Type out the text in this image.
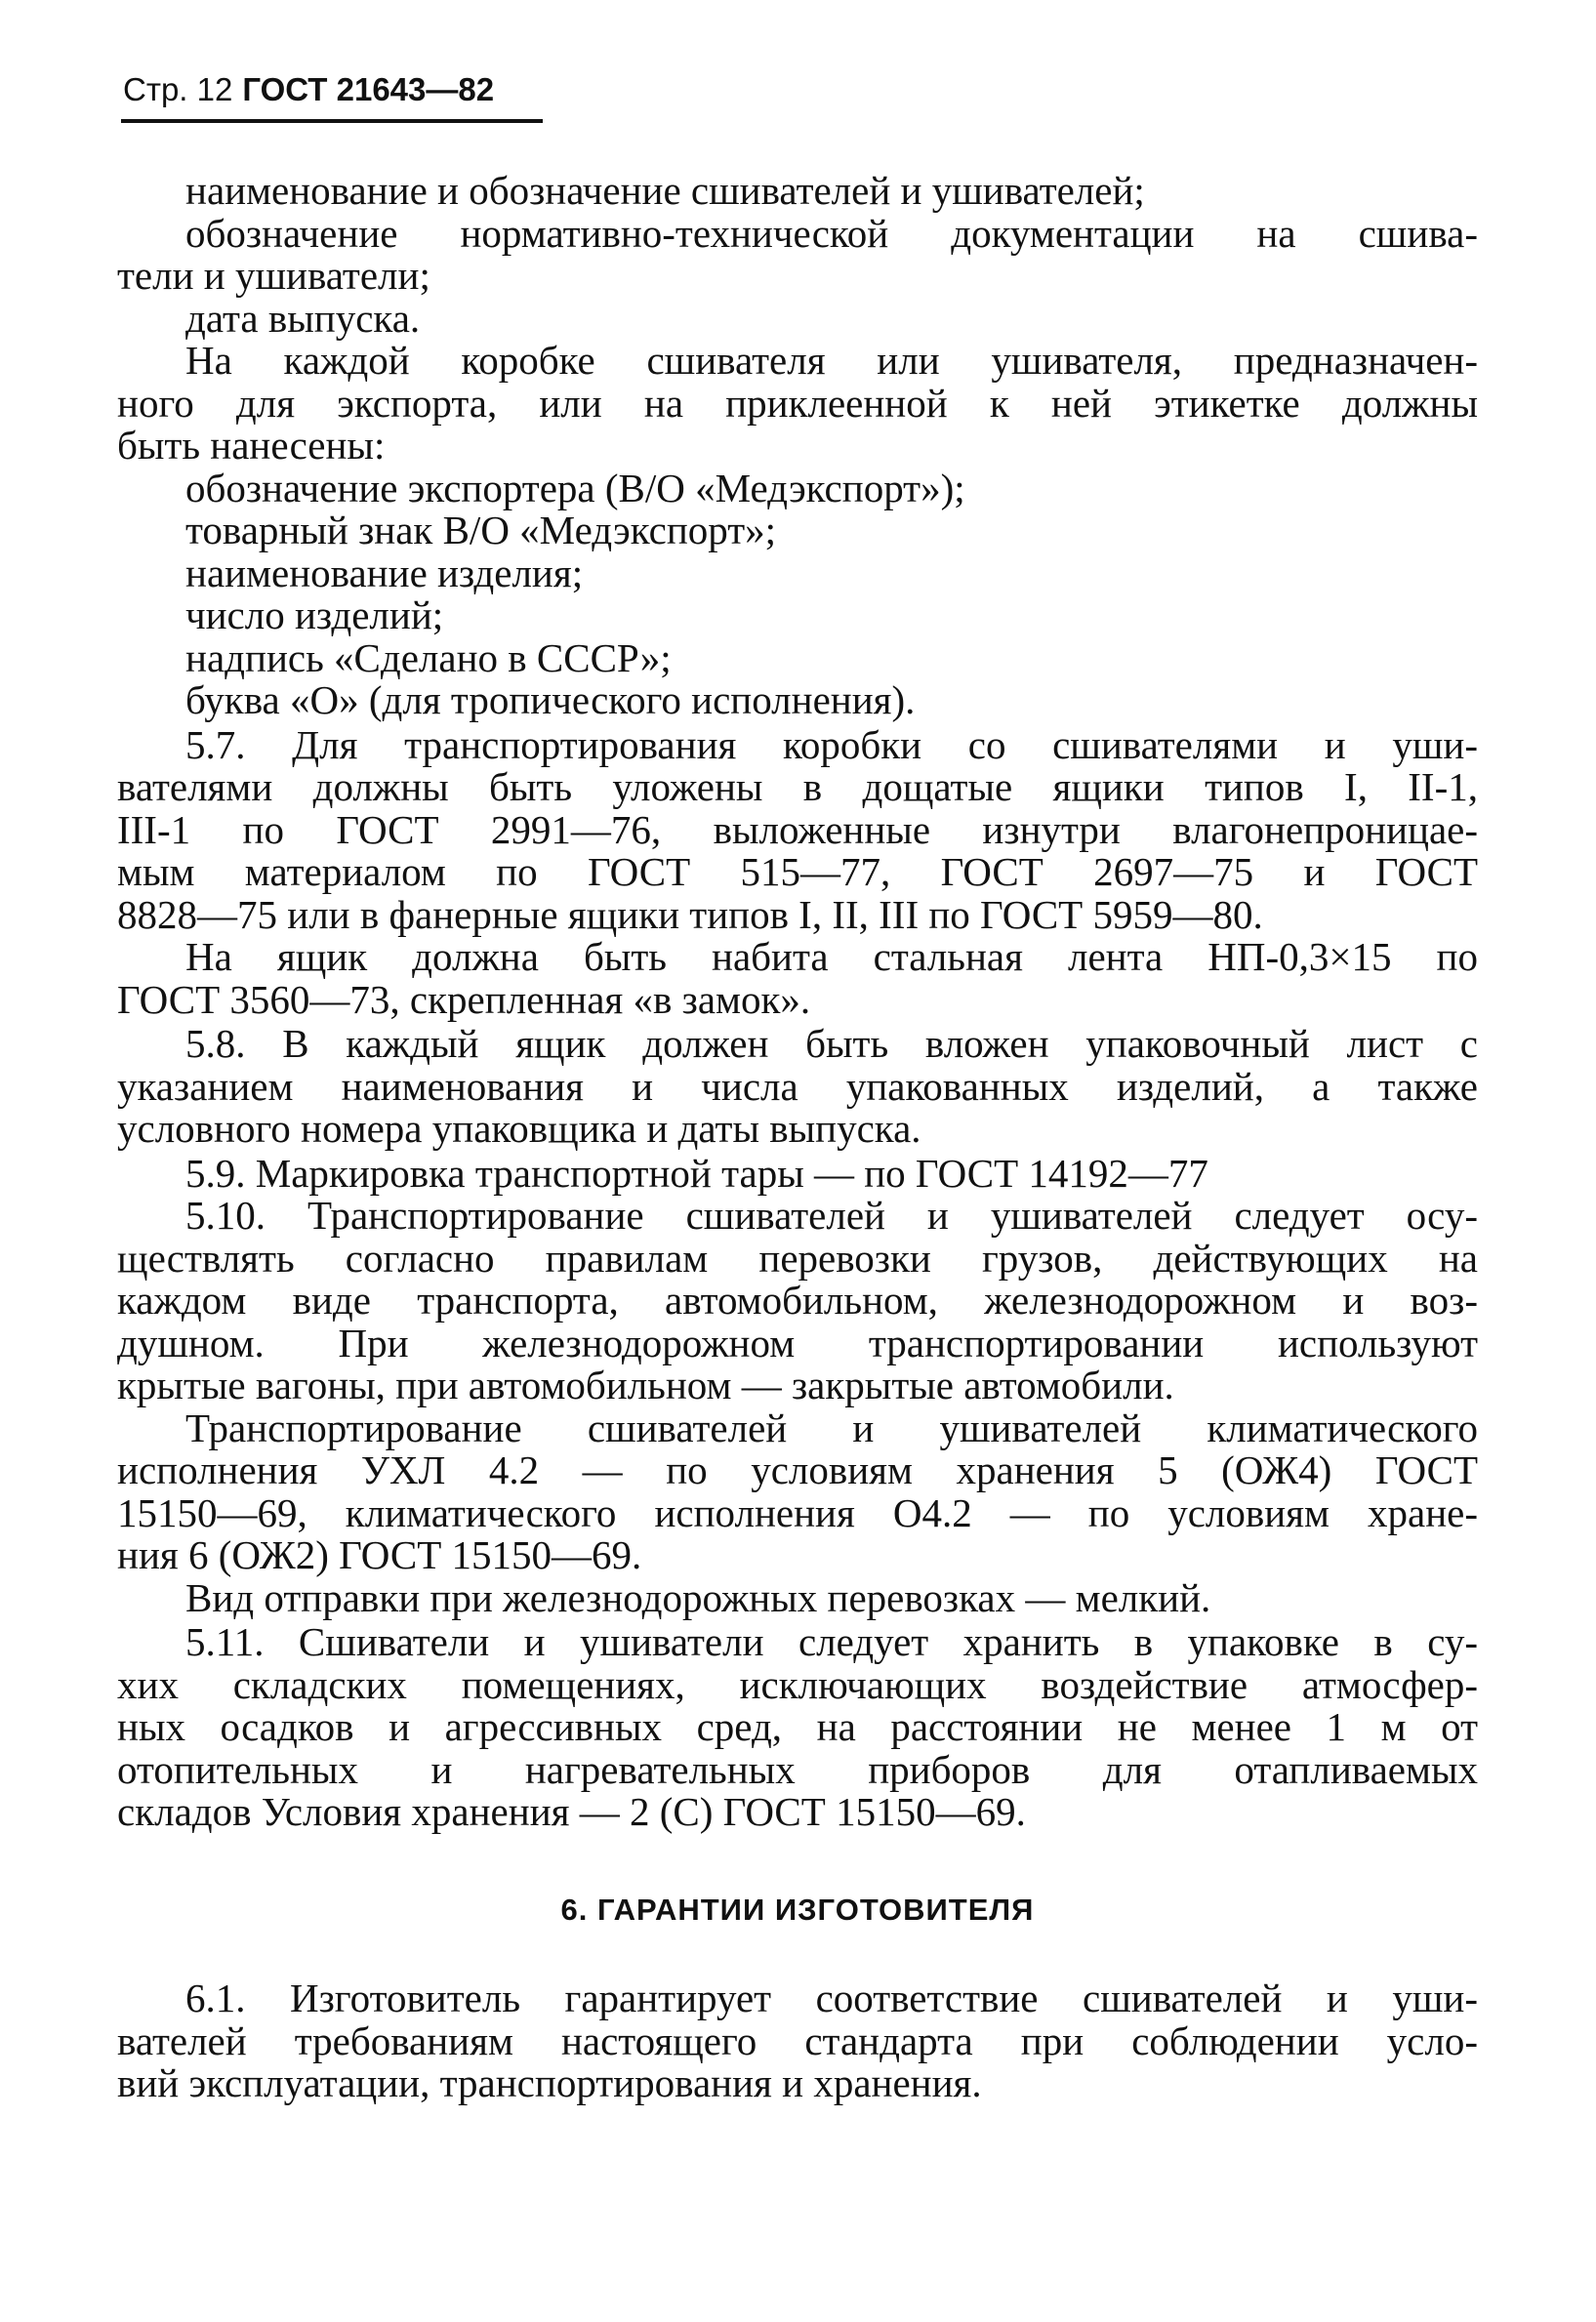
Стр. 12 ГОСТ 21643—82
наименование и обозначение сшивателей и ушивателей;
обозначение нормативно-технической документации на сшива-
тели и ушиватели;
дата выпуска.
На каждой коробке сшивателя или ушивателя, предназначен-
ного для экспорта, или на приклеенной к ней этикетке должны
быть нанесены:
обозначение экспортера (В/О «Медэкспорт»);
товарный знак В/О «Медэкспорт»;
наименование изделия;
число изделий;
надпись «Сделано в СССР»;
буква «О» (для тропического исполнения).
5.7. Для транспортирования коробки со сшивателями и уши-
вателями должны быть уложены в дощатые ящики типов I, II-1,
III-1 по ГОСТ 2991—76, выложенные изнутри влагонепроницае-
мым материалом по ГОСТ 515—77, ГОСТ 2697—75 и ГОСТ
8828—75 или в фанерные ящики типов I, II, III по ГОСТ 5959—80.
На ящик должна быть набита стальная лента НП-0,3×15 по
ГОСТ 3560—73, скрепленная «в замок».
5.8. В каждый ящик должен быть вложен упаковочный лист с
указанием наименования и числа упакованных изделий, а также
условного номера упаковщика и даты выпуска.
5.9. Маркировка транспортной тары — по ГОСТ 14192—77
5.10. Транспортирование сшивателей и ушивателей следует осу-
ществлять согласно правилам перевозки грузов, действующих на
каждом виде транспорта, автомобильном, железнодорожном и воз-
душном. При железнодорожном транспортировании используют
крытые вагоны, при автомобильном — закрытые автомобили.
Транспортирование сшивателей и ушивателей климатического
исполнения УХЛ 4.2 — по условиям хранения 5 (ОЖ4) ГОСТ
15150—69, климатического исполнения О4.2 — по условиям хране-
ния 6 (ОЖ2) ГОСТ 15150—69.
Вид отправки при железнодорожных перевозках — мелкий.
5.11. Сшиватели и ушиватели следует хранить в упаковке в су-
хих складских помещениях, исключающих воздействие атмосфер-
ных осадков и агрессивных сред, на расстоянии не менее 1 м от
отопительных и нагревательных приборов для отапливаемых
складов Условия хранения — 2 (С) ГОСТ 15150—69.
6. ГАРАНТИИ ИЗГОТОВИТЕЛЯ
6.1. Изготовитель гарантирует соответствие сшивателей и уши-
вателей требованиям настоящего стандарта при соблюдении усло-
вий эксплуатации, транспортирования и хранения.
